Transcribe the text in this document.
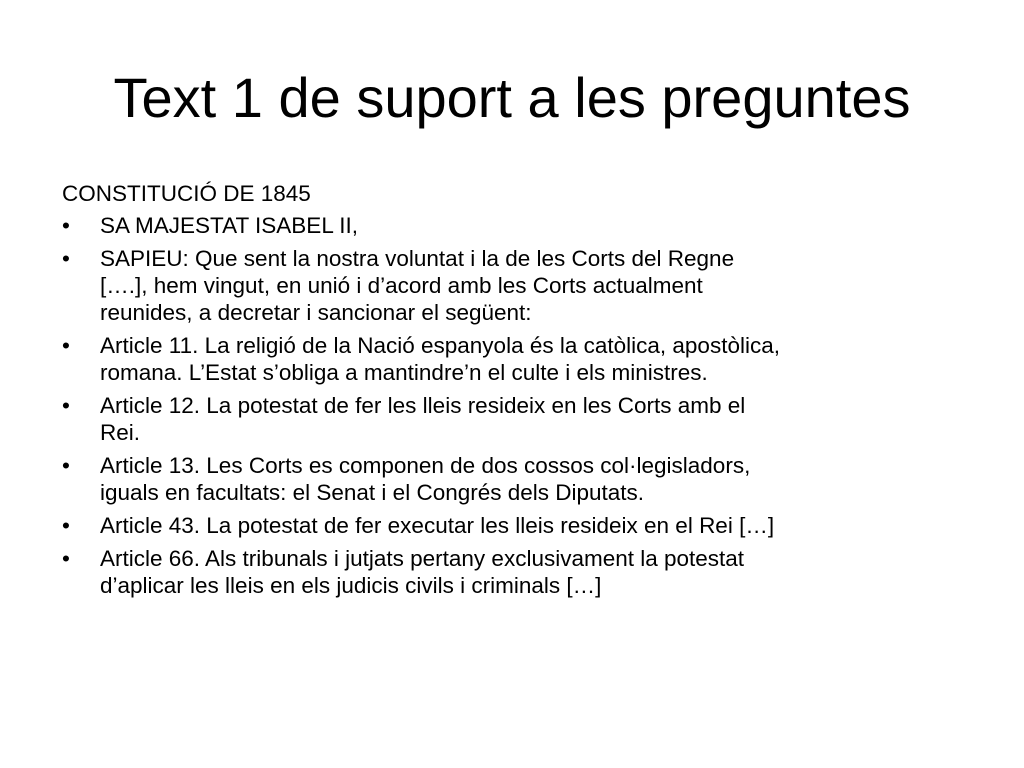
Text 1 de suport a les preguntes
CONSTITUCIÓ DE 1845
•	SA MAJESTAT ISABEL II,
•	SAPIEU: Que sent la nostra voluntat i la de les Corts del Regne
[….], hem vingut, en unió i d’acord amb les Corts actualment
reunides, a decretar i sancionar el següent:
•	Article 11. La religió de la Nació espanyola és la catòlica, apostòlica,
romana. L’Estat s’obliga a mantindre’n el culte i els ministres.
•	Article 12. La potestat de fer les lleis resideix en les Corts amb el
Rei.
•	Article 13. Les Corts es componen de dos cossos col·legisladors,
iguals en facultats: el Senat i el Congrés dels Diputats.
•	Article 43. La potestat de fer executar les lleis resideix en el Rei […]
•	Article 66. Als tribunals i jutjats pertany exclusivament la potestat
d’aplicar les lleis en els judicis civils i criminals […]
